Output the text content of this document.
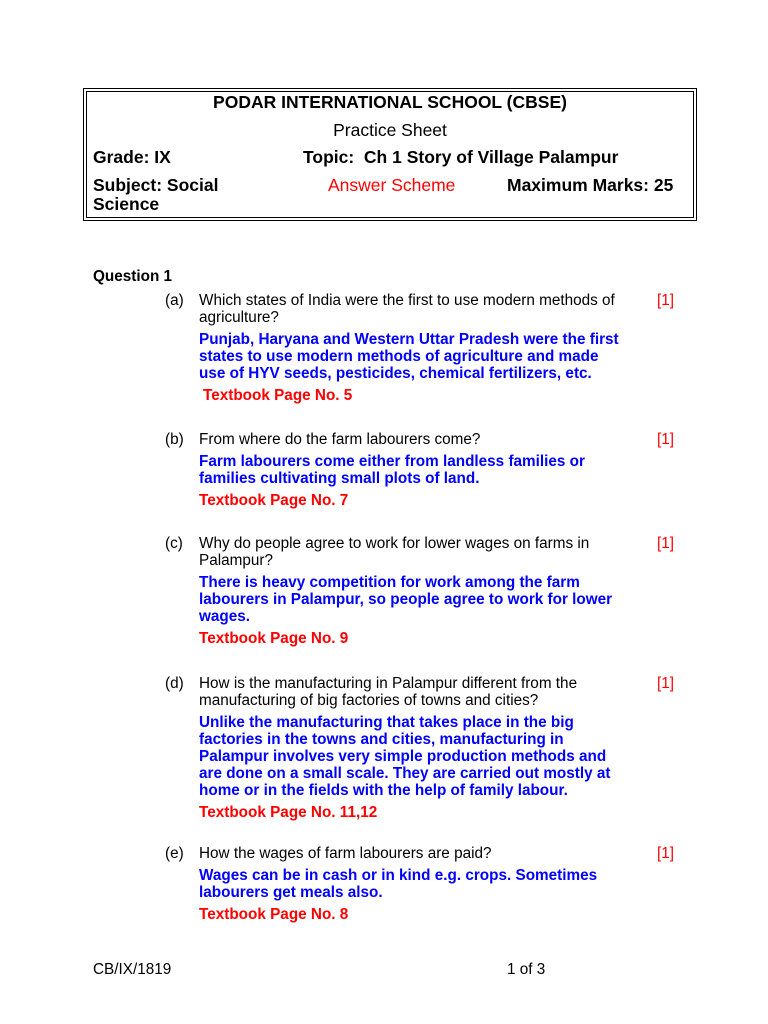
PODAR INTERNATIONAL SCHOOL (CBSE)
Practice Sheet
Grade: IX	Topic:  Ch 1 Story of Village Palampur
Subject: Social
Science
Answer Scheme	Maximum Marks: 25
Question 1
(a)	[1]
Which states of India were the first to use modern methods of
agriculture?
Punjab, Haryana and Western Uttar Pradesh were the first
states to use modern methods of agriculture and made
use of HYV seeds, pesticides, chemical fertilizers, etc.
Textbook Page No. 5
(b)	[1]
From where do the farm labourers come?
Farm labourers come either from landless families or
families cultivating small plots of land.
Textbook Page No. 7
(c)	[1]
Why do people agree to work for lower wages on farms in
Palampur?
There is heavy competition for work among the farm
labourers in Palampur, so people agree to work for lower
wages.
Textbook Page No. 9
(d)	[1]
How is the manufacturing in Palampur different from the
manufacturing of big factories of towns and cities?
Unlike the manufacturing that takes place in the big
factories in the towns and cities, manufacturing in
Palampur involves very simple production methods and
are done on a small scale. They are carried out mostly at
home or in the fields with the help of family labour.
Textbook Page No. 11,12
(e)	[1]
How the wages of farm labourers are paid?
Wages can be in cash or in kind e.g. crops. Sometimes
labourers get meals also.
Textbook Page No. 8
CB/IX/1819	1 of 3
